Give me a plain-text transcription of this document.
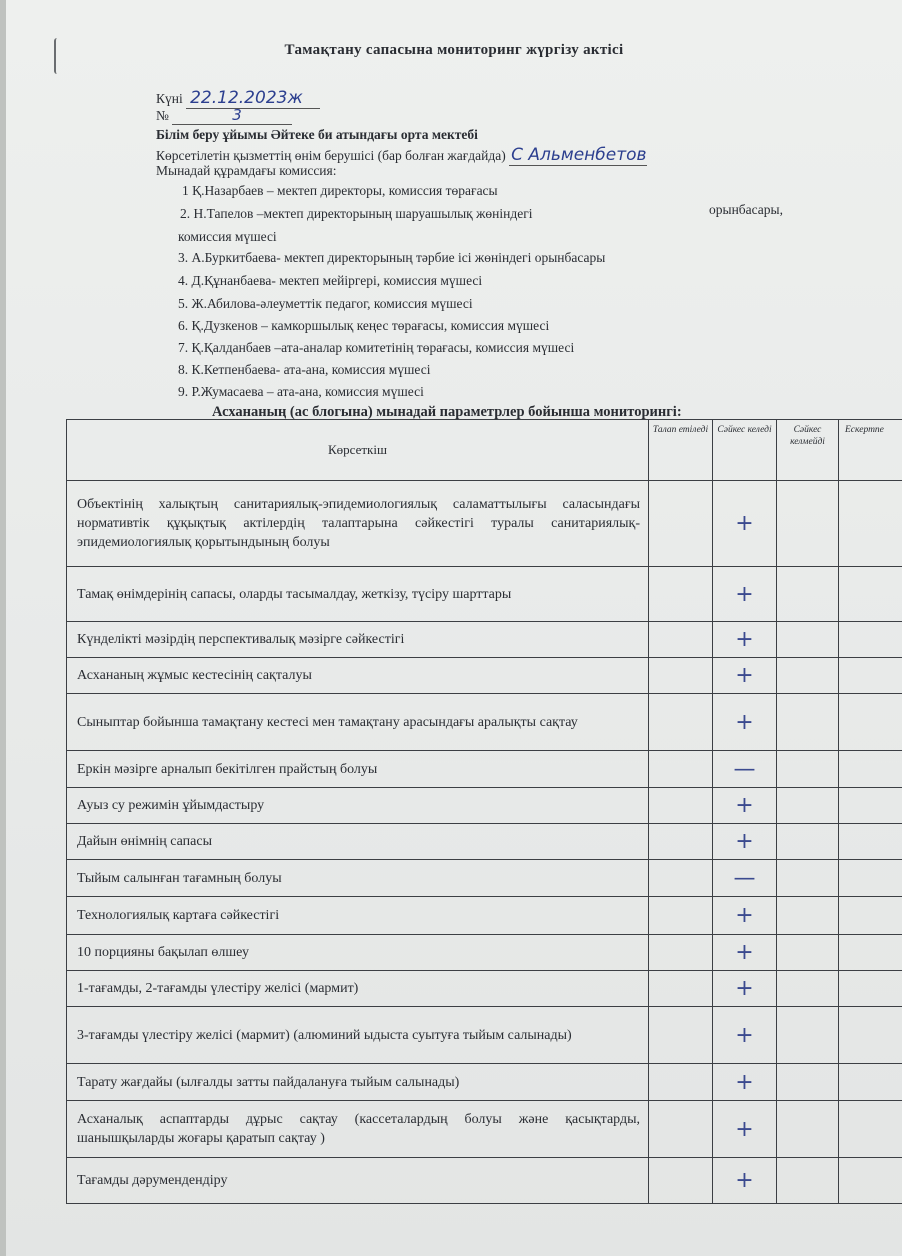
Тамақтану сапасына мониторинг жүргізу актісі
Күні 22.12.2023ж
№	3
Білім беру ұйымы Әйтеке би атындағы орта мектебі
Көрсетілетін қызметтің өнім берушісі (бар болған жағдайда) С Альменбетов
Мынадай құрамдағы комиссия:
1 Қ.Назарбаев – мектеп директоры, комиссия төрағасы
2. Н.Тапелов –мектеп директорының шаруашылық жөніндегі	орынбасары,
комиссия мүшесі
3. А.Буркитбаева- мектеп директорының тәрбие ісі жөніндегі орынбасары
4. Д.Құнанбаева- мектеп мейіргері, комиссия мүшесі
5. Ж.Абилова-әлеуметтік педагог, комиссия мүшесі
6. Қ.Дузкенов – камкоршылық кеңес төрағасы, комиссия мүшесі
7. Қ.Қалданбаев –ата-аналар комитетінің төрағасы, комиссия мүшесі
8. К.Кетпенбаева- ата-ана, комиссия мүшесі
9. Р.Жумасаева – ата-ана, комиссия мүшесі
Асхананың (ас блогына) мынадай параметрлер бойынша мониторингі:
Көрсеткіш	Талап етіледі	Сәйкес келеді	Сәйкес келмейді	Ескертпе
Объектінің халықтың санитариялық-эпидемиологиялық саламаттылығы саласындағы нормативтік құқықтық актілердің талаптарына сәйкестігі туралы санитариялық-эпидемиологиялық қорытындының болуы		+		
Тамақ өнімдерінің сапасы, оларды тасымалдау, жеткізу, түсіру шарттары		+		
Күнделікті мәзірдің перспективалық мәзірге сәйкестігі		+		
Асхананың жұмыс кестесінің сақталуы		+		
Сыныптар бойынша тамақтану кестесі мен тамақтану арасындағы аралықты сақтау		+		
Еркін мәзірге арналып бекітілген прайстың болуы		—		
Ауыз су режимін ұйымдастыру		+		
Дайын өнімнің сапасы		+		
Тыйым салынған тағамның болуы		—		
Технологиялық картаға сәйкестігі		+		
10 порцияны бақылап өлшеу		+		
1-тағамды, 2-тағамды үлестіру желісі (мармит)		+		
3-тағамды үлестіру желісі (мармит) (алюминий ыдыста суытуға тыйым салынады)		+		
Тарату жағдайы (ылғалды затты пайдалануға тыйым салынады)		+		
Асханалық аспаптарды дұрыс сақтау (кассеталардың болуы және қасықтарды, шанышқыларды жоғары қаратып сақтау )		+		
Тағамды дәрумендендіру		+		
